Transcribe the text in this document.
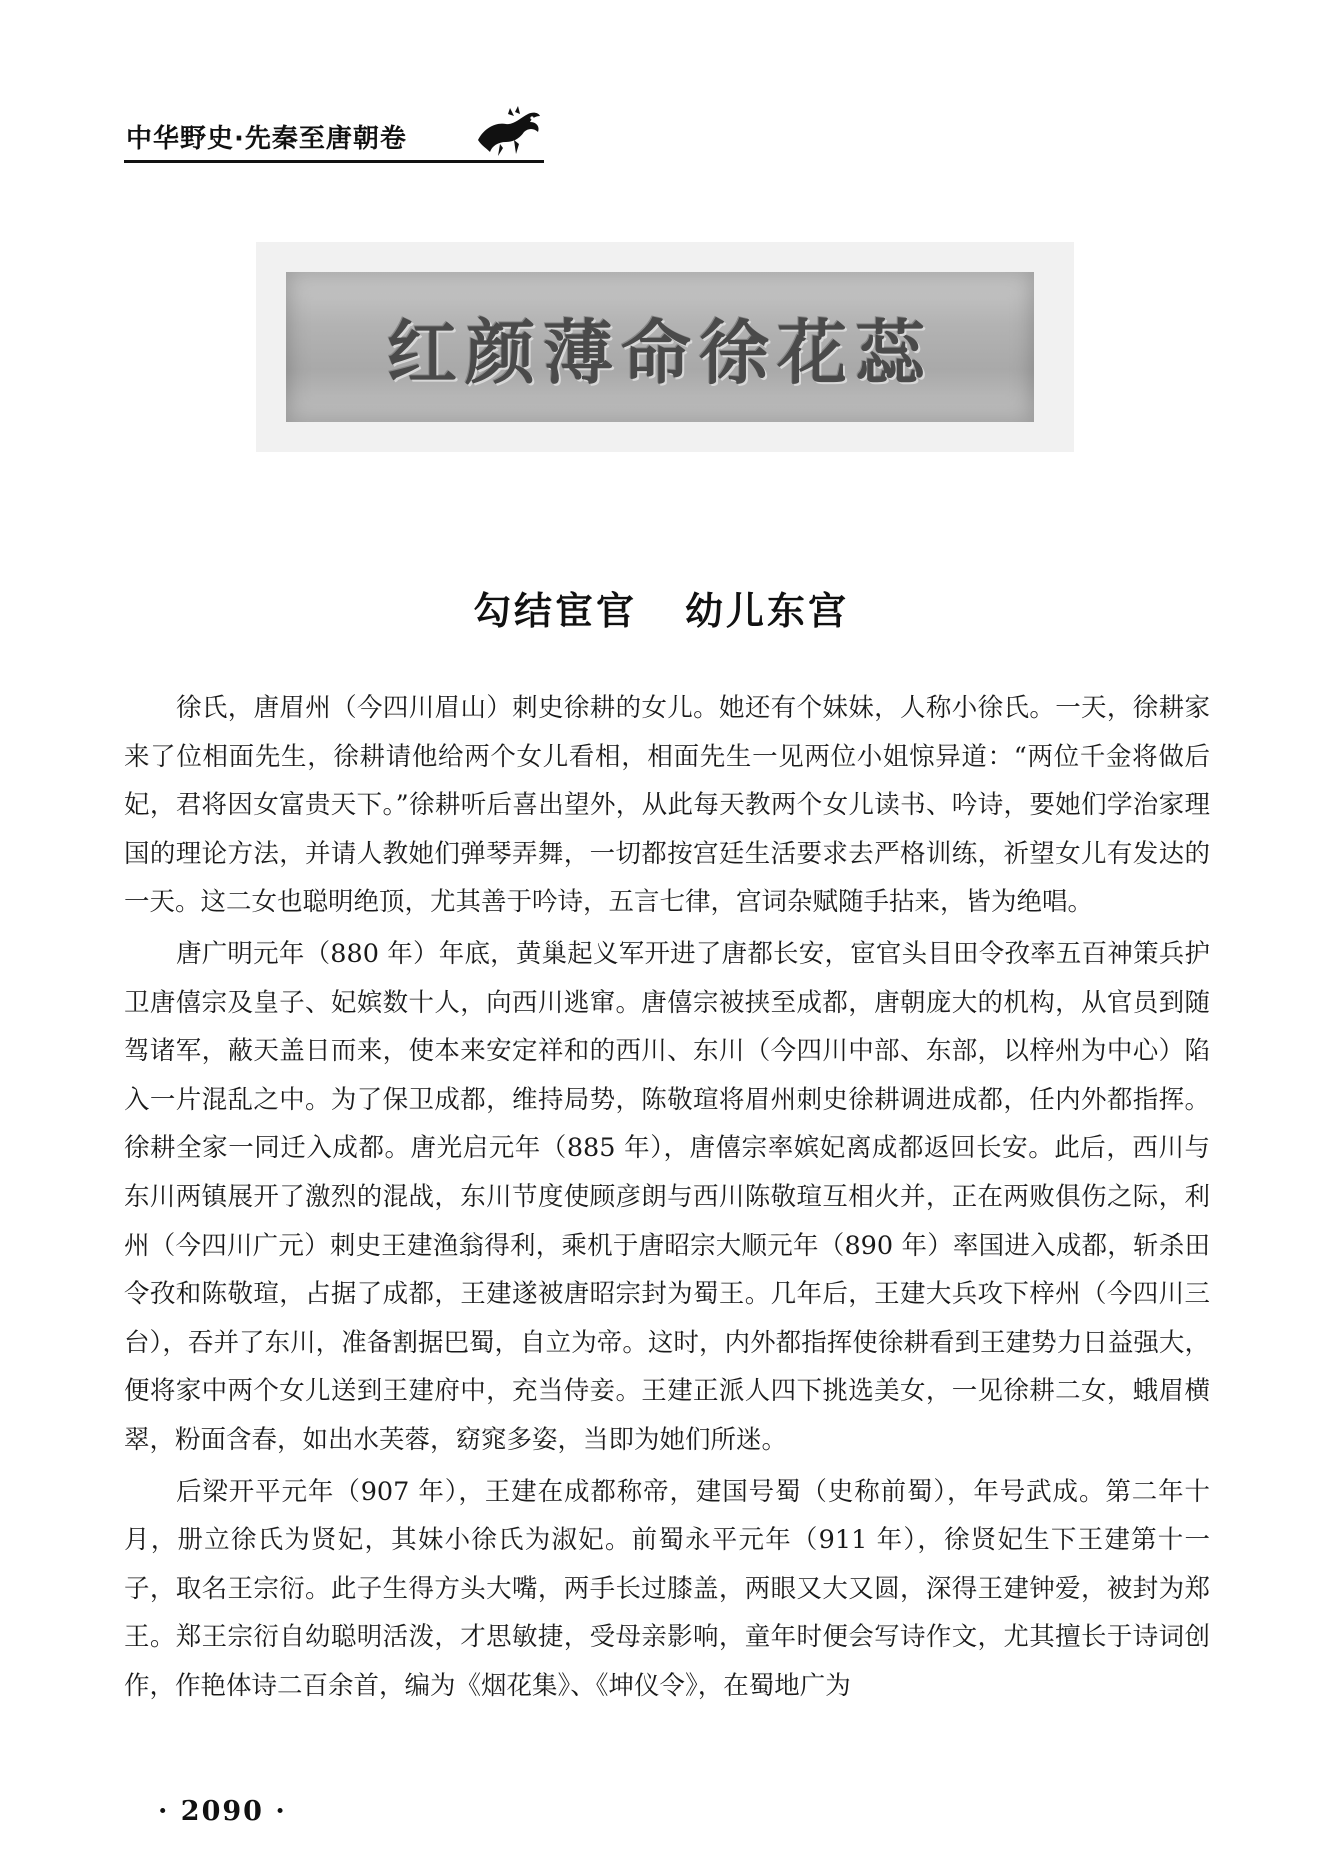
中华野史·先秦至唐朝卷
红颜薄命徐花蕊
勾结宦官 幼儿东宫

徐氏，唐眉州（今四川眉山）刺史徐耕的女儿。她还有个妹妹，人称小徐氏。一天，徐耕家来了位相面先生，徐耕请他给两个女儿看相，相面先生一见两位小姐惊异道：“两位千金将做后妃，君将因女富贵天下。”徐耕听后喜出望外，从此每天教两个女儿读书、吟诗，要她们学治家理国的理论方法，并请人教她们弹琴弄舞，一切都按宫廷生活要求去严格训练，祈望女儿有发达的一天。这二女也聪明绝顶，尤其善于吟诗，五言七律，宫词杂赋随手拈来，皆为绝唱。

唐广明元年（880 年）年底，黄巢起义军开进了唐都长安，宦官头目田令孜率五百神策兵护卫唐僖宗及皇子、妃嫔数十人，向西川逃窜。唐僖宗被挟至成都，唐朝庞大的机构，从官员到随驾诸军，蔽天盖日而来，使本来安定祥和的西川、东川（今四川中部、东部，以梓州为中心）陷入一片混乱之中。为了保卫成都，维持局势，陈敬瑄将眉州刺史徐耕调进成都，任内外都指挥。徐耕全家一同迁入成都。唐光启元年（885 年），唐僖宗率嫔妃离成都返回长安。此后，西川与东川两镇展开了激烈的混战，东川节度使顾彦朗与西川陈敬瑄互相火并，正在两败俱伤之际，利州（今四川广元）刺史王建渔翁得利，乘机于唐昭宗大顺元年（890 年）率国进入成都，斩杀田令孜和陈敬瑄，占据了成都，王建遂被唐昭宗封为蜀王。几年后，王建大兵攻下梓州（今四川三台），吞并了东川，准备割据巴蜀，自立为帝。这时，内外都指挥使徐耕看到王建势力日益强大，便将家中两个女儿送到王建府中，充当侍妾。王建正派人四下挑选美女，一见徐耕二女，蛾眉横翠，粉面含春，如出水芙蓉，窈窕多姿，当即为她们所迷。

后梁开平元年（907 年），王建在成都称帝，建国号蜀（史称前蜀），年号武成。第二年十月，册立徐氏为贤妃，其妹小徐氏为淑妃。前蜀永平元年（911 年），徐贤妃生下王建第十一子，取名王宗衍。此子生得方头大嘴，两手长过膝盖，两眼又大又圆，深得王建钟爱，被封为郑王。郑王宗衍自幼聪明活泼，才思敏捷，受母亲影响，童年时便会写诗作文，尤其擅长于诗词创作，作艳体诗二百余首，编为《烟花集》、《坤仪令》，在蜀地广为

· 2090 ·
